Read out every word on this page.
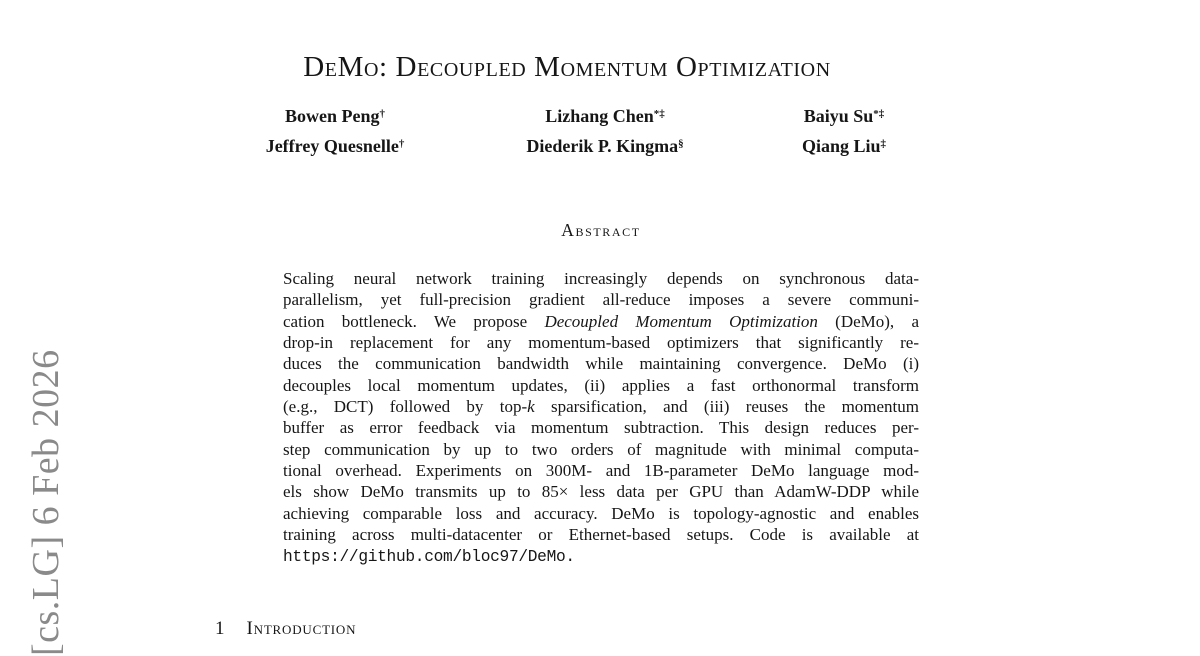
[cs.LG] 6 Feb 2026
DeMo: Decoupled Momentum Optimization
Bowen Peng†	Lizhang Chen*‡	Baiyu Su*‡
Jeffrey Quesnelle†	Diederik P. Kingma§	Qiang Liu‡
Abstract
Scaling neural network training increasingly depends on synchronous data-
parallelism, yet full-precision gradient all-reduce imposes a severe communi-
cation bottleneck. We propose Decoupled Momentum Optimization (DeMo), a
drop-in replacement for any momentum-based optimizers that significantly re-
duces the communication bandwidth while maintaining convergence. DeMo (i)
decouples local momentum updates, (ii) applies a fast orthonormal transform
(e.g., DCT) followed by top-k sparsification, and (iii) reuses the momentum
buffer as error feedback via momentum subtraction. This design reduces per-
step communication by up to two orders of magnitude with minimal computa-
tional overhead. Experiments on 300M- and 1B-parameter DeMo language mod-
els show DeMo transmits up to 85× less data per GPU than AdamW-DDP while
achieving comparable loss and accuracy. DeMo is topology-agnostic and enables
training across multi-datacenter or Ethernet-based setups. Code is available at
https://github.com/bloc97/DeMo.
1 Introduction
